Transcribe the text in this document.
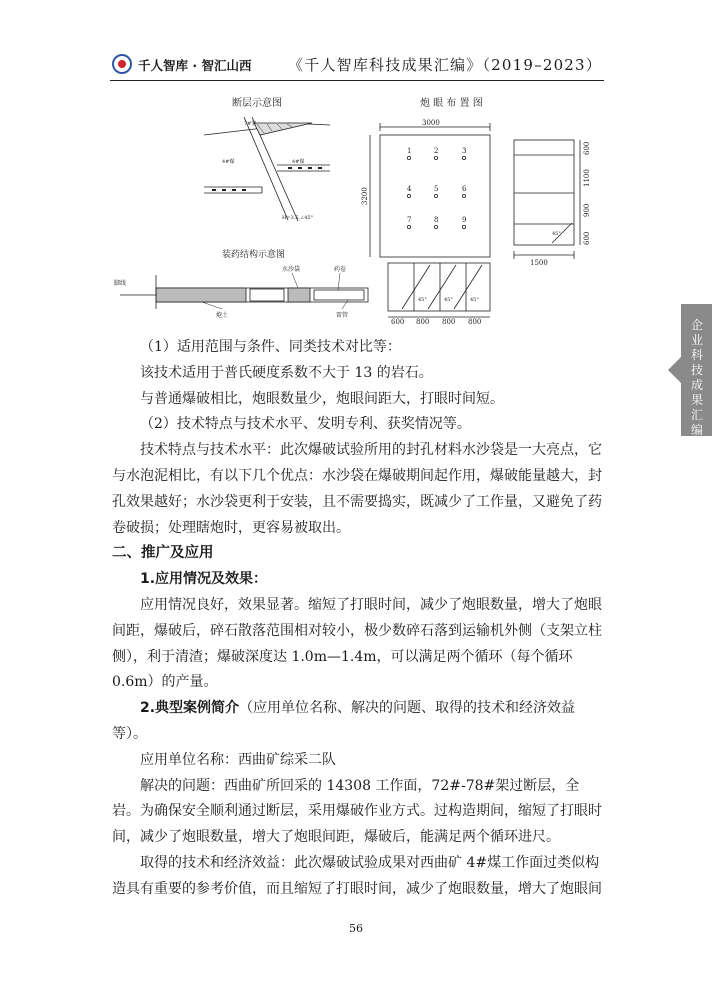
千人智库 · 智汇山西 《千人智库科技成果汇编》（2019–2023）
企业科技成果汇编
断层示意图
7#架
4#煤	4#煤
H=3.5,∠45°
装药结构示意图
脚线
水沙袋	药卷
炮土	雷管
炮 眼 布 置 图
3000
3200
1	2	3
4	5	6
7	8	9
600
1100
900
600
45°
1500
45°	45°	45°
600 800 800 800

（1）适用范围与条件、同类技术对比等：

该技术适用于普氏硬度系数不大于 13 的岩石。

与普通爆破相比，炮眼数量少，炮眼间距大，打眼时间短。

（2）技术特点与技术水平、发明专利、获奖情况等。

技术特点与技术水平：此次爆破试验所用的封孔材料水沙袋是一大亮点，它与水泡泥相比，有以下几个优点：水沙袋在爆破期间起作用，爆破能量越大，封孔效果越好；水沙袋更利于安装，且不需要捣实，既减少了工作量，又避免了药卷破损；处理瞎炮时，更容易被取出。

二、推广及应用

1.应用情况及效果：

应用情况良好，效果显著。缩短了打眼时间，减少了炮眼数量，增大了炮眼间距，爆破后，碎石散落范围相对较小，极少数碎石落到运输机外侧（支架立柱侧），利于清渣；爆破深度达 1.0m—1.4m，可以满足两个循环（每个循环 0.6m）的产量。

2.典型案例简介（应用单位名称、解决的问题、取得的技术和经济效益等）。

应用单位名称：西曲矿综采二队

解决的问题：西曲矿所回采的 14308 工作面，72#-78#架过断层，全岩。为确保安全顺利通过断层，采用爆破作业方式。过构造期间，缩短了打眼时间，减少了炮眼数量，增大了炮眼间距，爆破后，能满足两个循环进尺。

取得的技术和经济效益：此次爆破试验成果对西曲矿 4#煤工作面过类似构造具有重要的参考价值，而且缩短了打眼时间，减少了炮眼数量，增大了炮眼间

56
